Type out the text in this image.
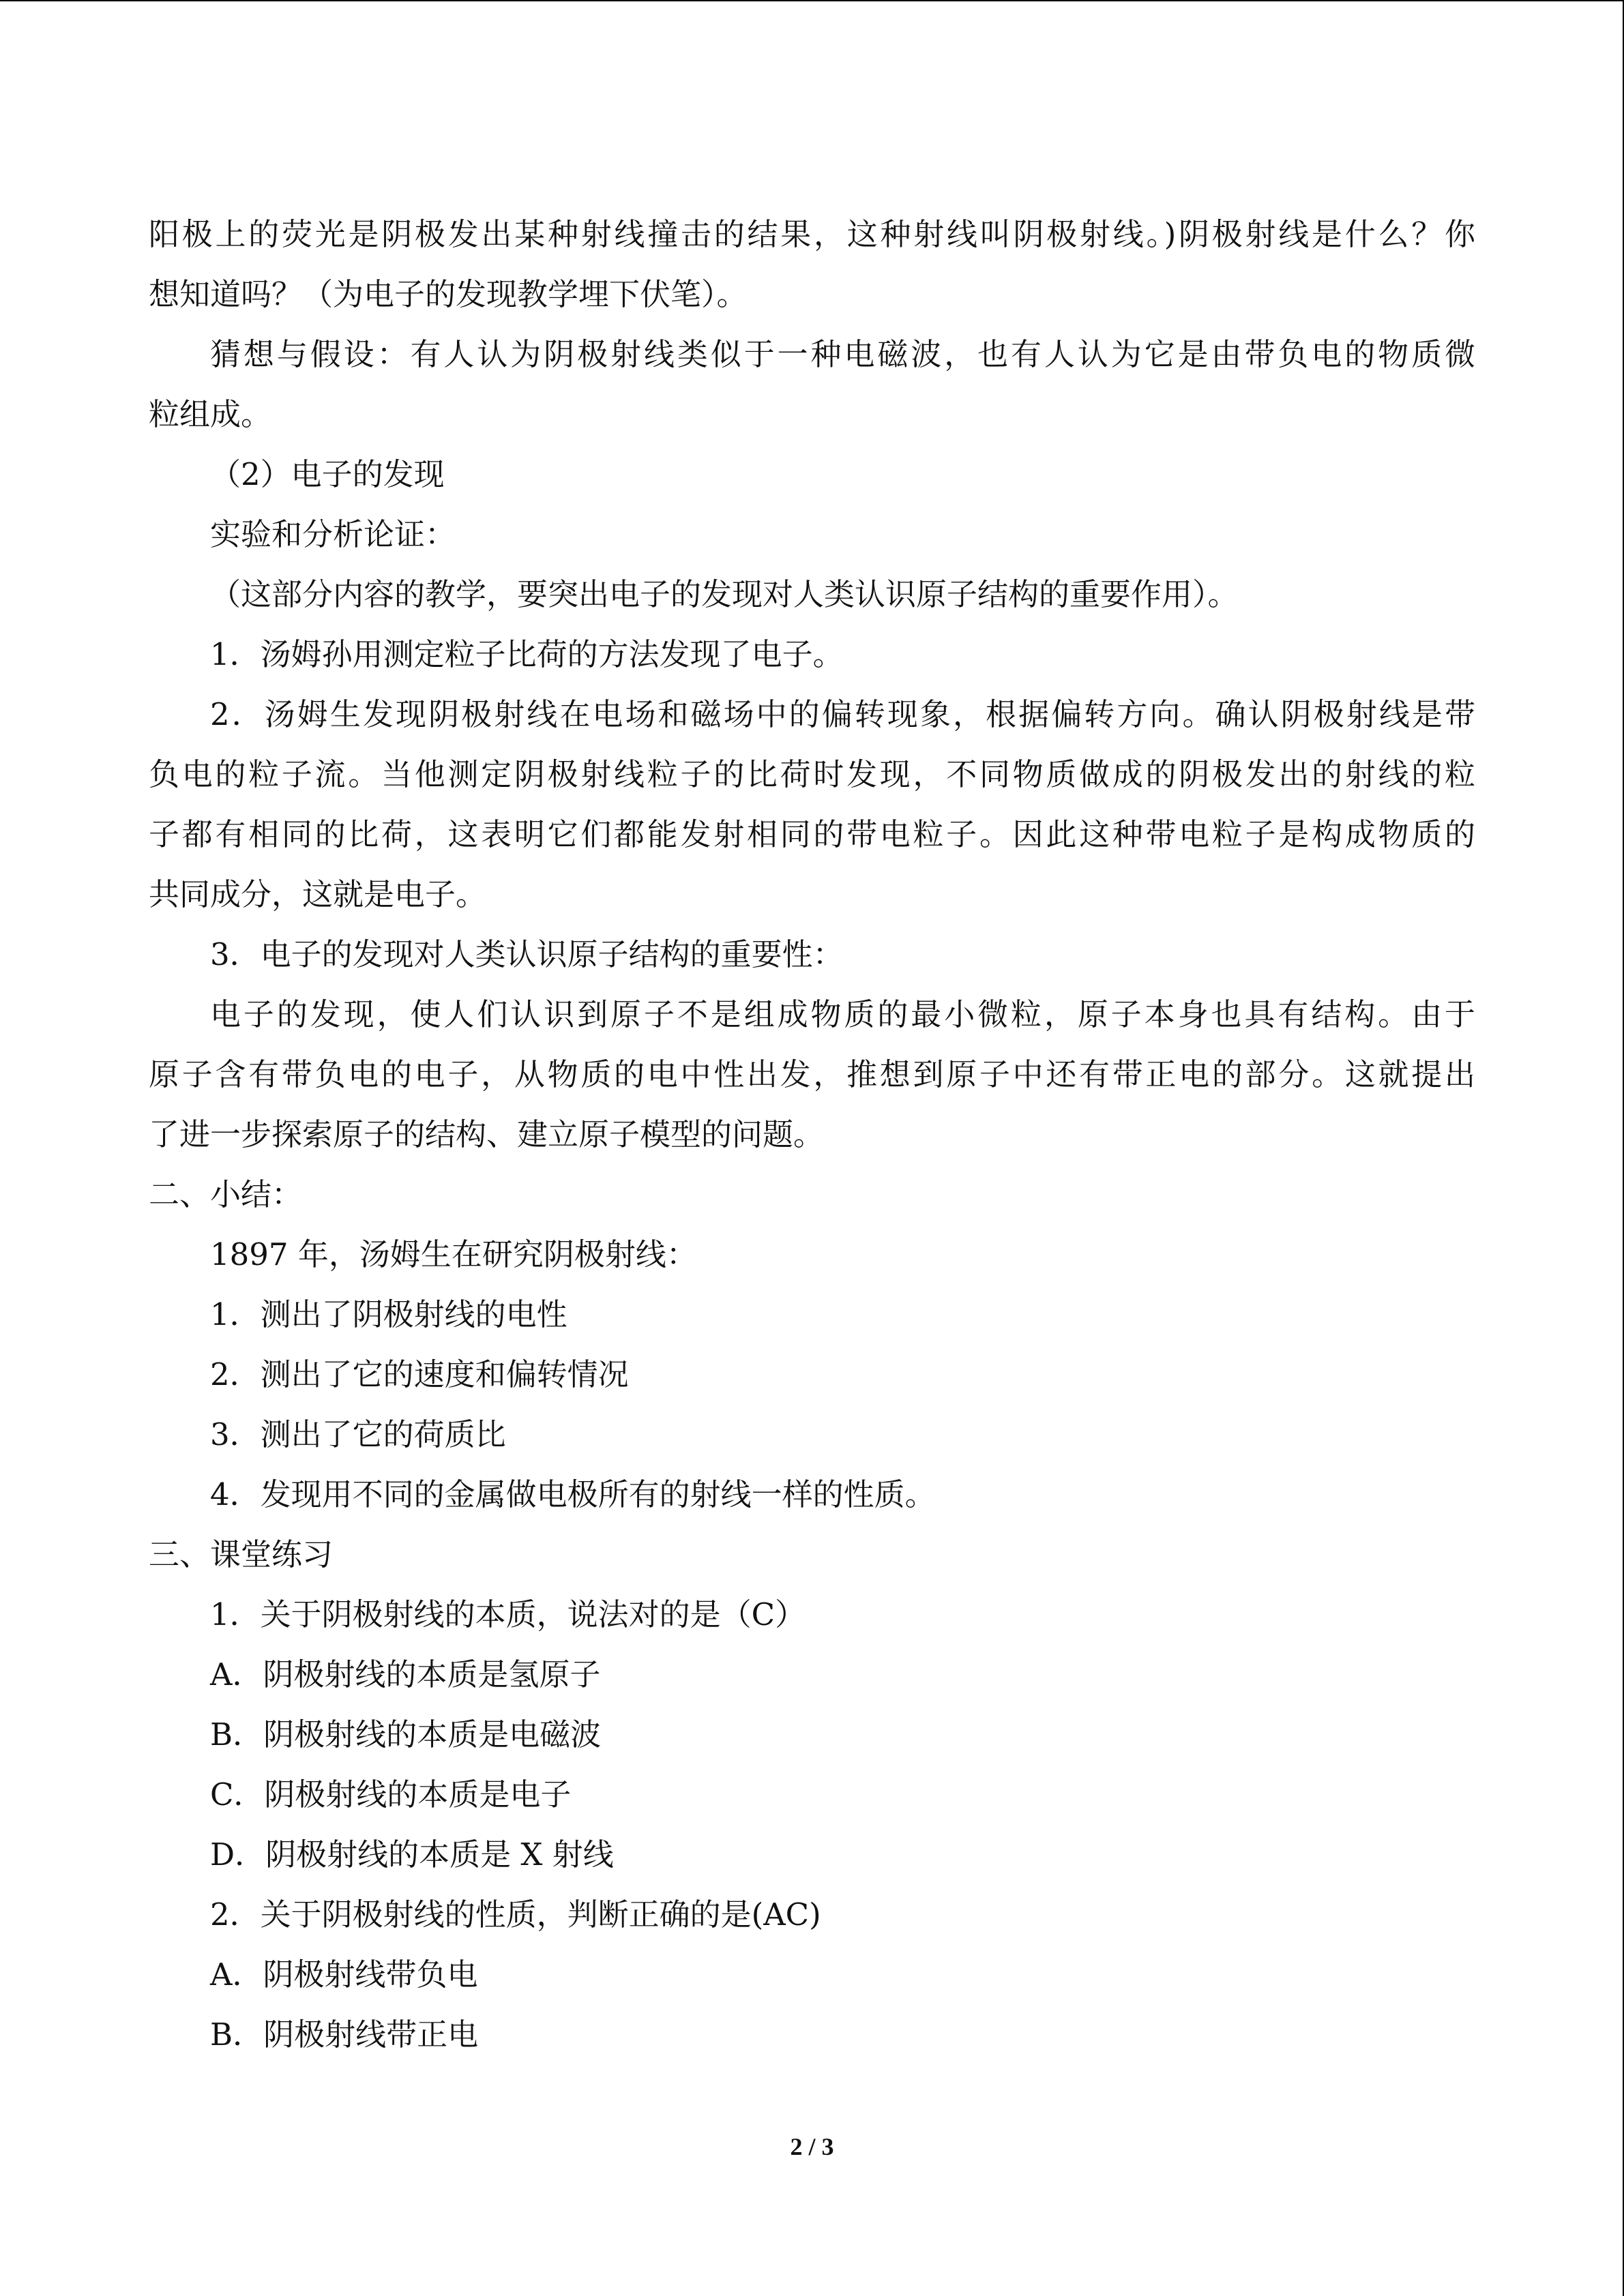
阳极上的荧光是阴极发出某种射线撞击的结果，这种射线叫阴极射线。)阴极射线是什么？你

想知道吗？（为电子的发现教学埋下伏笔）。

猜想与假设：有人认为阴极射线类似于一种电磁波，也有人认为它是由带负电的物质微

粒组成。

（2）电子的发现

实验和分析论证：

（这部分内容的教学，要突出电子的发现对人类认识原子结构的重要作用）。

1．汤姆孙用测定粒子比荷的方法发现了电子。

2．汤姆生发现阴极射线在电场和磁场中的偏转现象，根据偏转方向。确认阴极射线是带

负电的粒子流。当他测定阴极射线粒子的比荷时发现，不同物质做成的阴极发出的射线的粒

子都有相同的比荷，这表明它们都能发射相同的带电粒子。因此这种带电粒子是构成物质的

共同成分，这就是电子。

3．电子的发现对人类认识原子结构的重要性：

电子的发现，使人们认识到原子不是组成物质的最小微粒，原子本身也具有结构。由于

原子含有带负电的电子，从物质的电中性出发，推想到原子中还有带正电的部分。这就提出

了进一步探索原子的结构、建立原子模型的问题。

二、小结：

1897 年，汤姆生在研究阴极射线：

1．测出了阴极射线的电性

2．测出了它的速度和偏转情况

3．测出了它的荷质比

4．发现用不同的金属做电极所有的射线一样的性质。

三、课堂练习

1．关于阴极射线的本质，说法对的是（C）

A．阴极射线的本质是氢原子

B．阴极射线的本质是电磁波

C．阴极射线的本质是电子

D．阴极射线的本质是 X 射线

2．关于阴极射线的性质，判断正确的是(AC)

A．阴极射线带负电

B．阴极射线带正电

2 / 3
